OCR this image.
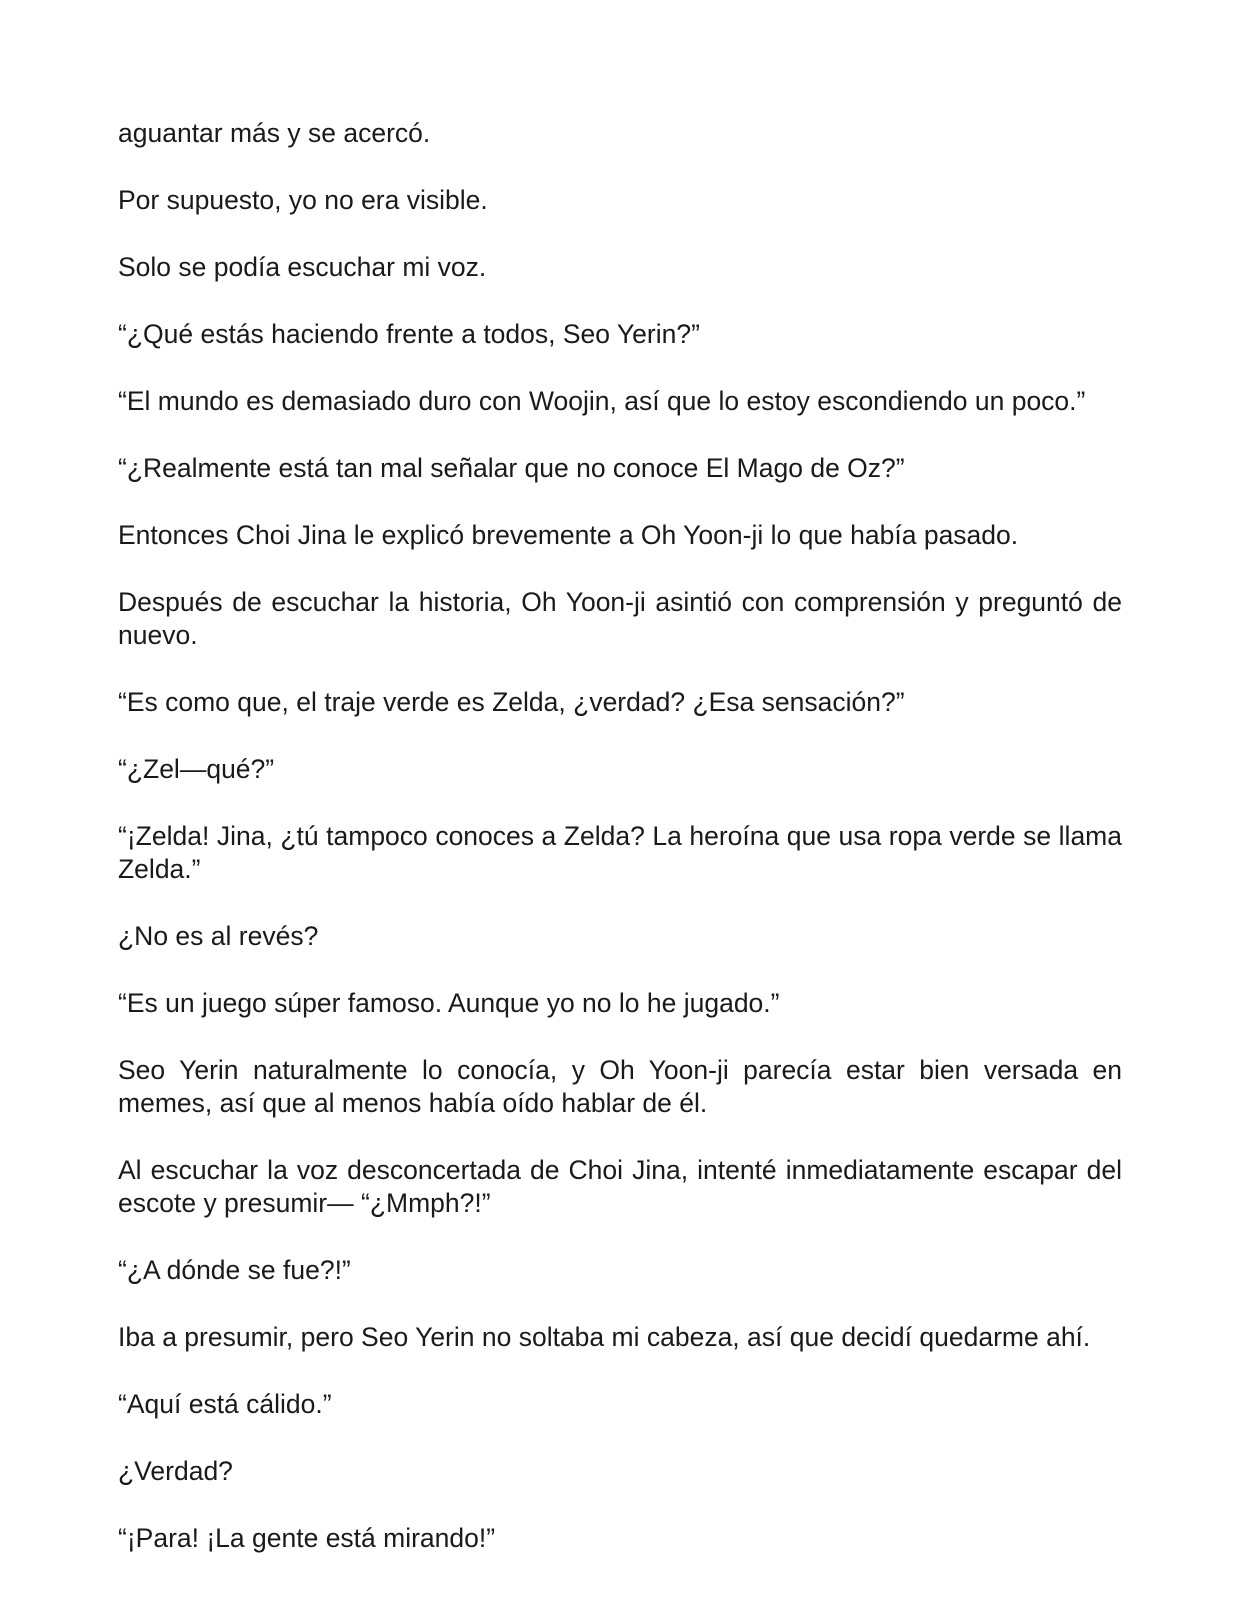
aguantar más y se acercó.

Por supuesto, yo no era visible.

Solo se podía escuchar mi voz.

“¿Qué estás haciendo frente a todos, Seo Yerin?”

“El mundo es demasiado duro con Woojin, así que lo estoy escondiendo un poco.”

“¿Realmente está tan mal señalar que no conoce El Mago de Oz?”

Entonces Choi Jina le explicó brevemente a Oh Yoon-ji lo que había pasado.

Después de escuchar la historia, Oh Yoon-ji asintió con comprensión y preguntó de nuevo.

“Es como que, el traje verde es Zelda, ¿verdad? ¿Esa sensación?”

“¿Zel—qué?”

“¡Zelda! Jina, ¿tú tampoco conoces a Zelda? La heroína que usa ropa verde se llama Zelda.”

¿No es al revés?

“Es un juego súper famoso. Aunque yo no lo he jugado.”

Seo Yerin naturalmente lo conocía, y Oh Yoon-ji parecía estar bien versada en memes, así que al menos había oído hablar de él.

Al escuchar la voz desconcertada de Choi Jina, intenté inmediatamente escapar del escote y presumir— “¿Mmph?!”

“¿A dónde se fue?!”

Iba a presumir, pero Seo Yerin no soltaba mi cabeza, así que decidí quedarme ahí.

“Aquí está cálido.”

¿Verdad?

“¡Para! ¡La gente está mirando!”
